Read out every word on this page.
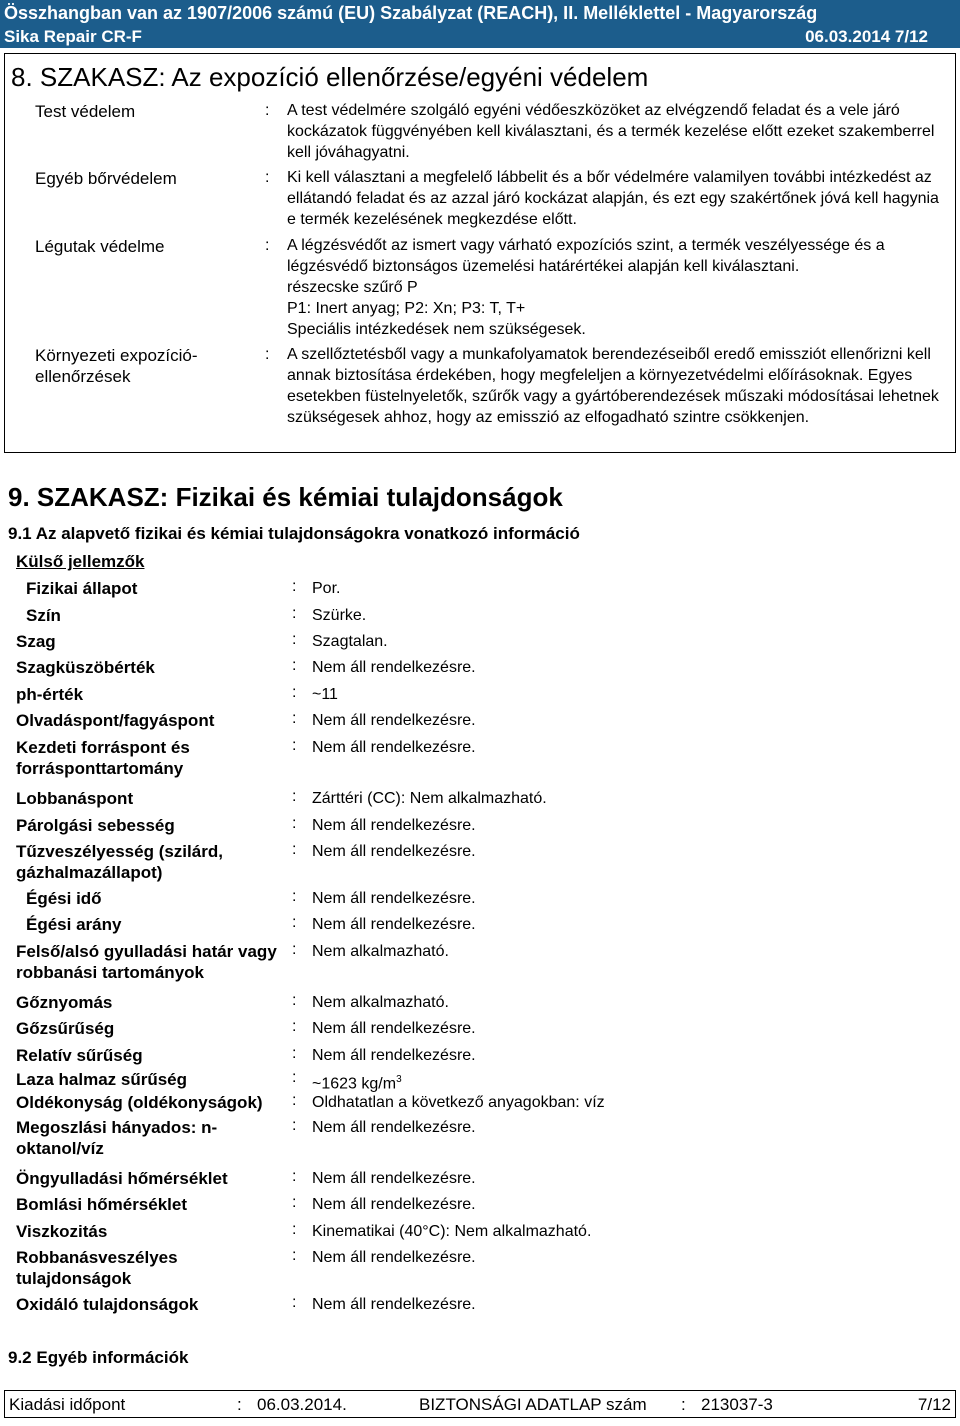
Összhangban van az 1907/2006 számú (EU) Szabályzat (REACH), II. Melléklettel - Magyarország
Sika Repair CR-F	06.03.2014 7/12
8. SZAKASZ: Az expozíció ellenőrzése/egyéni védelem
Test védelem	: A test védelmére szolgáló egyéni védőeszközöket az elvégzendő feladat és a vele járó kockázatok függvényében kell kiválasztani, és a termék kezelése előtt ezeket szakemberrel kell jóváhagyatni.
Egyéb bőrvédelem	: Ki kell választani a megfelelő lábbelit és a bőr védelmére valamilyen további intézkedést az ellátandó feladat és az azzal járó kockázat alapján, és ezt egy szakértőnek jóvá kell hagynia e termék kezelésének megkezdése előtt.
Légutak védelme	: A légzésvédőt az ismert vagy várható expozíciós szint, a termék veszélyessége és a légzésvédő biztonságos üzemelési határértékei alapján kell kiválasztani.
részecske szűrő P
P1: Inert anyag; P2: Xn; P3: T, T+
Speciális intézkedések nem szükségesek.
Környezeti expozíció-ellenőrzések
: A szellőztetésből vagy a munkafolyamatok berendezéseiből eredő emissziót ellenőrizni kell annak biztosítása érdekében, hogy megfeleljen a környezetvédelmi előírásoknak. Egyes esetekben füstelnyeletők, szűrők vagy a gyártóberendezések műszaki módosításai lehetnek szükségesek ahhoz, hogy az emisszió az elfogadható szintre csökkenjen.
9. SZAKASZ: Fizikai és kémiai tulajdonságok
9.1 Az alapvető fizikai és kémiai tulajdonságokra vonatkozó információ
Külső jellemzők
Fizikai állapot	: Por.
Szín	: Szürke.
Szag	: Szagtalan.
Szagküszöbérték	: Nem áll rendelkezésre.
ph-érték	: ~11
Olvadáspont/fagyáspont	: Nem áll rendelkezésre.
Kezdeti forráspont és forrásponttartomány
: Nem áll rendelkezésre.
Lobbanáspont	: Zárttéri (CC): Nem alkalmazható.
Párolgási sebesség	: Nem áll rendelkezésre.
Tűzveszélyesség (szilárd, gázhalmazállapot)
: Nem áll rendelkezésre.
Égési idő	: Nem áll rendelkezésre.
Égési arány	: Nem áll rendelkezésre.
Felső/alsó gyulladási határ vagy robbanási tartományok
: Nem alkalmazható.
Gőznyomás	: Nem alkalmazható.
Gőzsűrűség	: Nem áll rendelkezésre.
Relatív sűrűség	: Nem áll rendelkezésre.
Laza halmaz sűrűség	: ~1623 $kg/m^3$
Oldékonyság (oldékonyságok)	: Oldhatatlan a következő anyagokban: víz
Megoszlási hányados: n-oktanol/víz
: Nem áll rendelkezésre.
Öngyulladási hőmérséklet	: Nem áll rendelkezésre.
Bomlási hőmérséklet	: Nem áll rendelkezésre.
Viszkozitás	: Kinematikai (40°C): Nem alkalmazható.
Robbanásveszélyes tulajdonságok
: Nem áll rendelkezésre.
Oxidáló tulajdonságok	: Nem áll rendelkezésre.
9.2 Egyéb információk
Kiadási időpont	: 06.03.2014.	BIZTONSÁGI ADATLAP szám : 213037-3	7/12
